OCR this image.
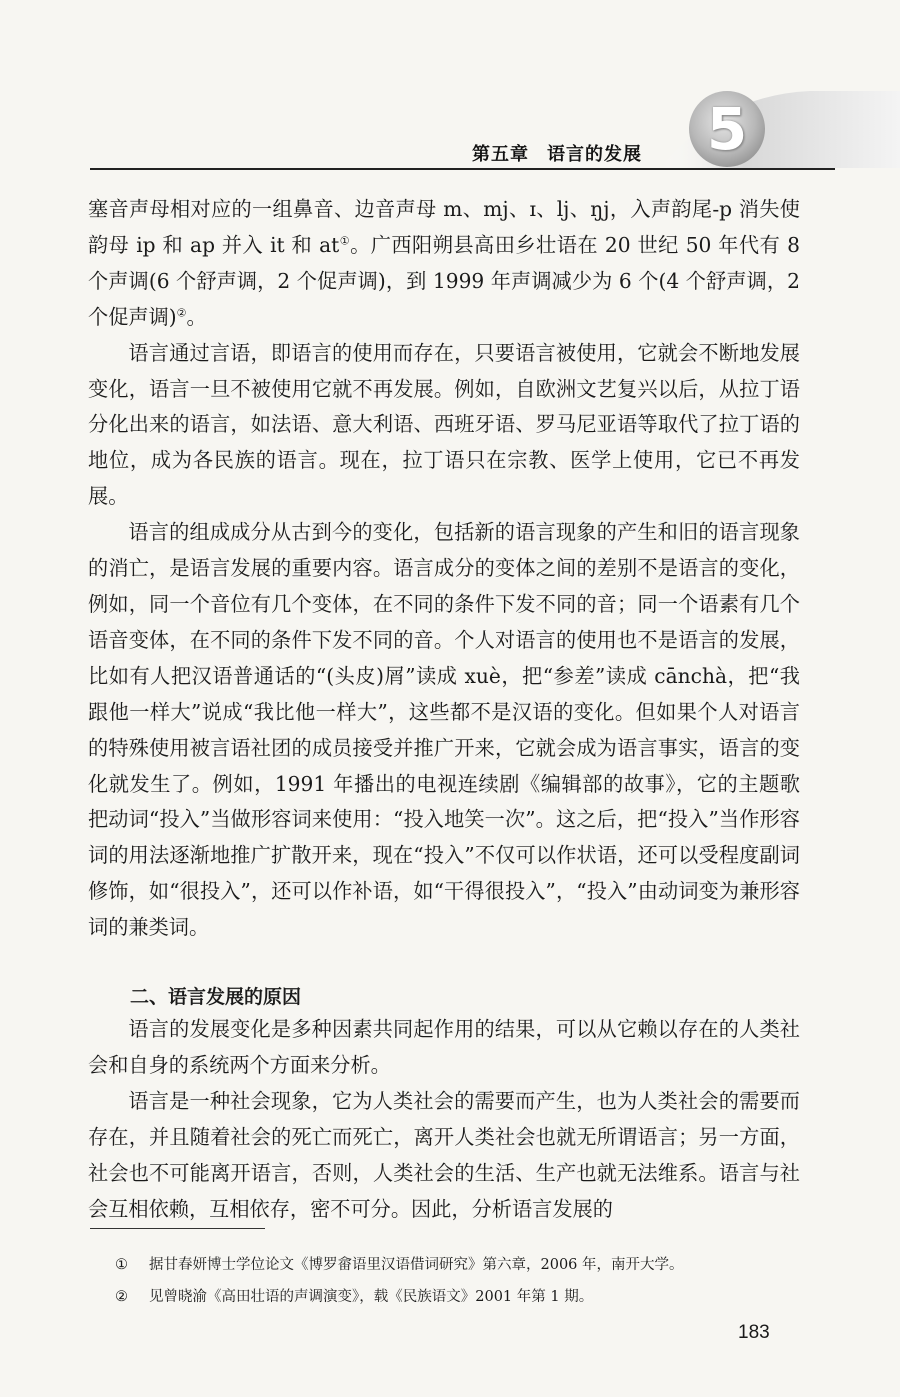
5
第五章 语言的发展

塞音声母相对应的一组鼻音、边音声母 m、mj、ɪ、lj、ŋj，入声韵尾-p 消失使韵母 ip 和 ap 并入 it 和 at①。广西阳朔县高田乡壮语在 20 世纪 50 年代有 8 个声调(6 个舒声调，2 个促声调)，到 1999 年声调减少为 6 个(4 个舒声调，2 个促声调)②。

语言通过言语，即语言的使用而存在，只要语言被使用，它就会不断地发展变化，语言一旦不被使用它就不再发展。例如，自欧洲文艺复兴以后，从拉丁语分化出来的语言，如法语、意大利语、西班牙语、罗马尼亚语等取代了拉丁语的地位，成为各民族的语言。现在，拉丁语只在宗教、医学上使用，它已不再发展。

语言的组成成分从古到今的变化，包括新的语言现象的产生和旧的语言现象的消亡，是语言发展的重要内容。语言成分的变体之间的差别不是语言的变化，例如，同一个音位有几个变体，在不同的条件下发不同的音；同一个语素有几个语音变体，在不同的条件下发不同的音。个人对语言的使用也不是语言的发展，比如有人把汉语普通话的“(头皮)屑”读成 xuè，把“参差”读成 cānchà，把“我跟他一样大”说成“我比他一样大”，这些都不是汉语的变化。但如果个人对语言的特殊使用被言语社团的成员接受并推广开来，它就会成为语言事实，语言的变化就发生了。例如，1991 年播出的电视连续剧《编辑部的故事》，它的主题歌把动词“投入”当做形容词来使用：“投入地笑一次”。这之后，把“投入”当作形容词的用法逐渐地推广扩散开来，现在“投入”不仅可以作状语，还可以受程度副词修饰，如“很投入”，还可以作补语，如“干得很投入”，“投入”由动词变为兼形容词的兼类词。

二、语言发展的原因

语言的发展变化是多种因素共同起作用的结果，可以从它赖以存在的人类社会和自身的系统两个方面来分析。

语言是一种社会现象，它为人类社会的需要而产生，也为人类社会的需要而存在，并且随着社会的死亡而死亡，离开人类社会也就无所谓语言；另一方面，社会也不可能离开语言，否则，人类社会的生活、生产也就无法维系。语言与社会互相依赖，互相依存，密不可分。因此，分析语言发展的

① 据甘春妍博士学位论文《博罗畲语里汉语借词研究》第六章，2006 年，南开大学。
② 见曾晓渝《高田壮语的声调演变》，载《民族语文》2001 年第 1 期。
183
